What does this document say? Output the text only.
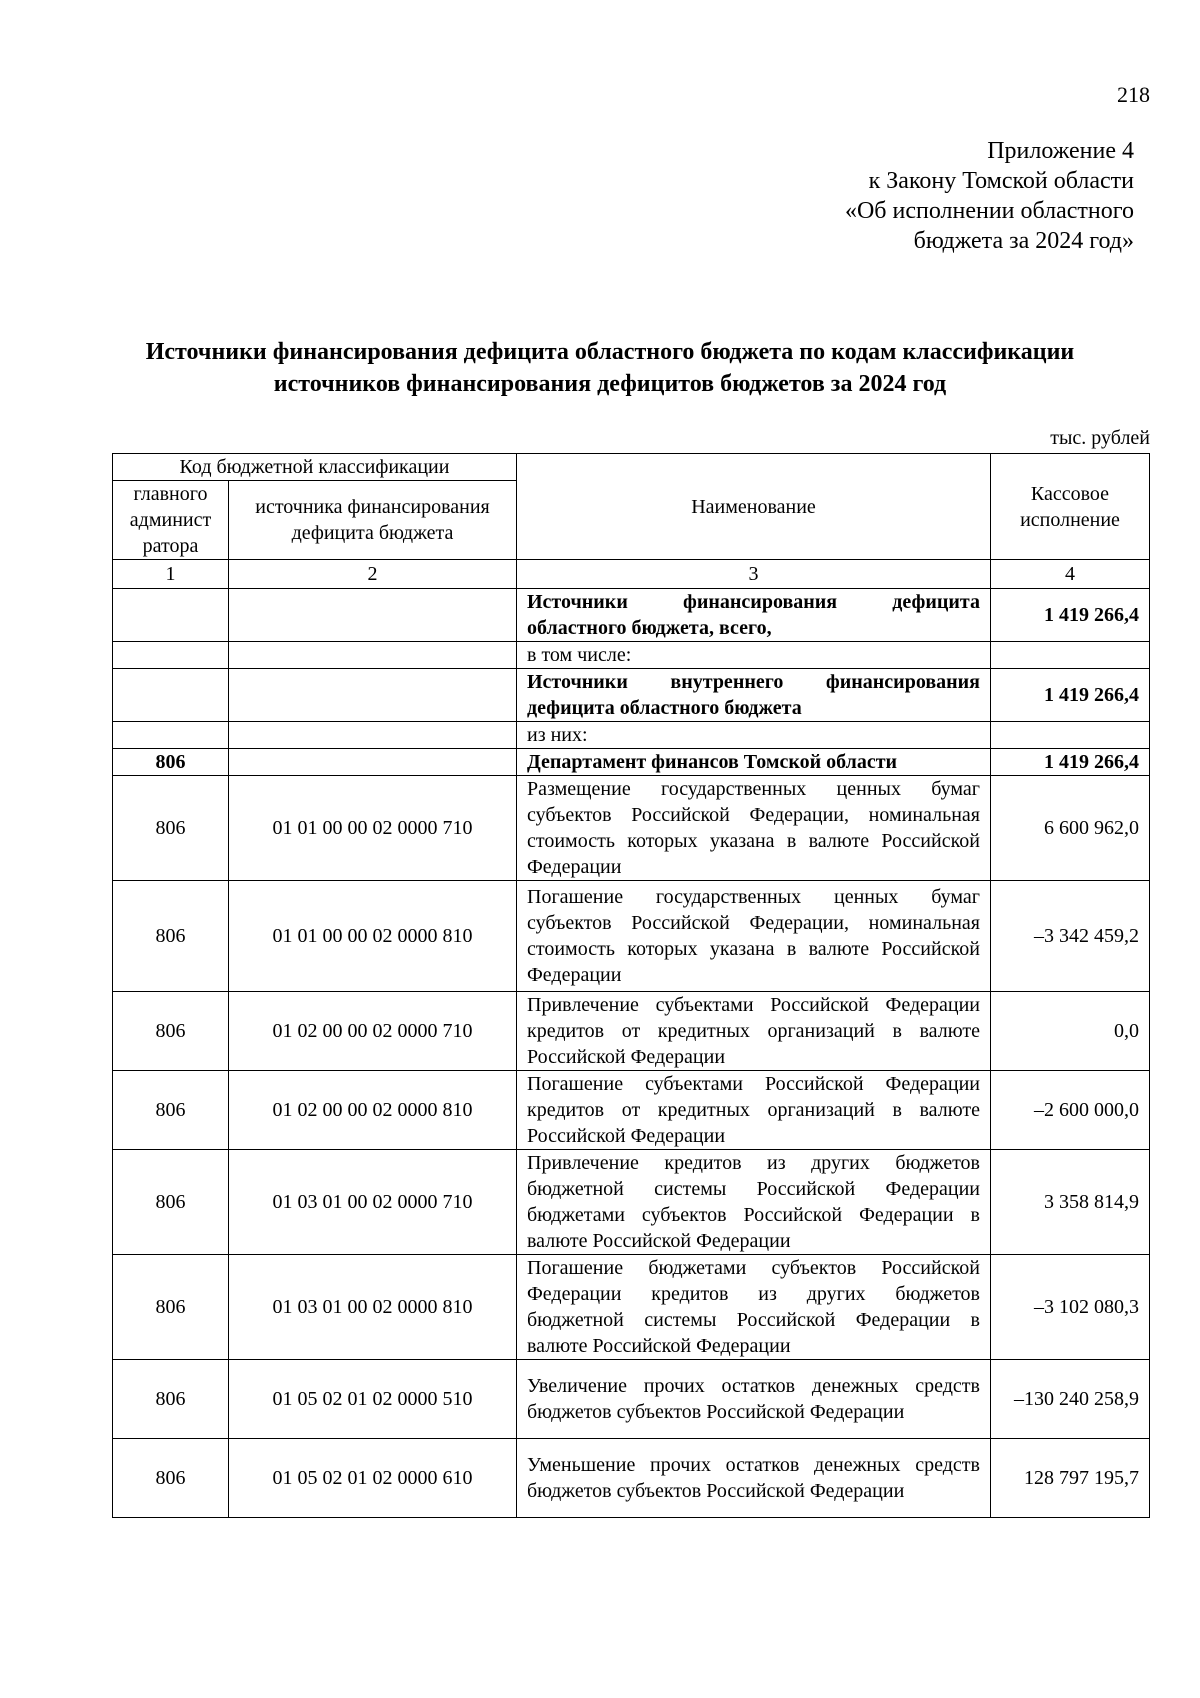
218
Приложение 4
к Закону Томской области
«Об исполнении областного
бюджета за 2024 год»
Источники финансирования дефицита областного бюджета по кодам классификации
источников финансирования дефицитов бюджетов за 2024 год
тыс. рублей
Код бюджетной классификации		Наименование	Кассовое исполнение
главного админист ратора	источника финансирования дефицита бюджета		
1	2	3	4
		Источники финансирования дефицита областного бюджета, всего,	1 419 266,4
		в том числе:	
		Источники внутреннего финансирования дефицита областного бюджета	1 419 266,4
		из них:	
806		Департамент финансов Томской области	1 419 266,4
806	01 01 00 00 02 0000 710	Размещение государственных ценных бумаг субъектов Российской Федерации, номинальная стоимость которых указана в валюте Российской Федерации	6 600 962,0
806	01 01 00 00 02 0000 810	Погашение государственных ценных бумаг субъектов Российской Федерации, номинальная стоимость которых указана в валюте Российской Федерации	–3 342 459,2
806	01 02 00 00 02 0000 710	Привлечение субъектами Российской Федерации кредитов от кредитных организаций в валюте Российской Федерации	0,0
806	01 02 00 00 02 0000 810	Погашение субъектами Российской Федерации кредитов от кредитных организаций в валюте Российской Федерации	–2 600 000,0
806	01 03 01 00 02 0000 710	Привлечение кредитов из других бюджетов бюджетной системы Российской Федерации бюджетами субъектов Российской Федерации в валюте Российской Федерации	3 358 814,9
806	01 03 01 00 02 0000 810	Погашение бюджетами субъектов Российской Федерации кредитов из других бюджетов бюджетной системы Российской Федерации в валюте Российской Федерации	–3 102 080,3
806	01 05 02 01 02 0000 510	Увеличение прочих остатков денежных средств бюджетов субъектов Российской Федерации	–130 240 258,9
806	01 05 02 01 02 0000 610	Уменьшение прочих остатков денежных средств бюджетов субъектов Российской Федерации	128 797 195,7
